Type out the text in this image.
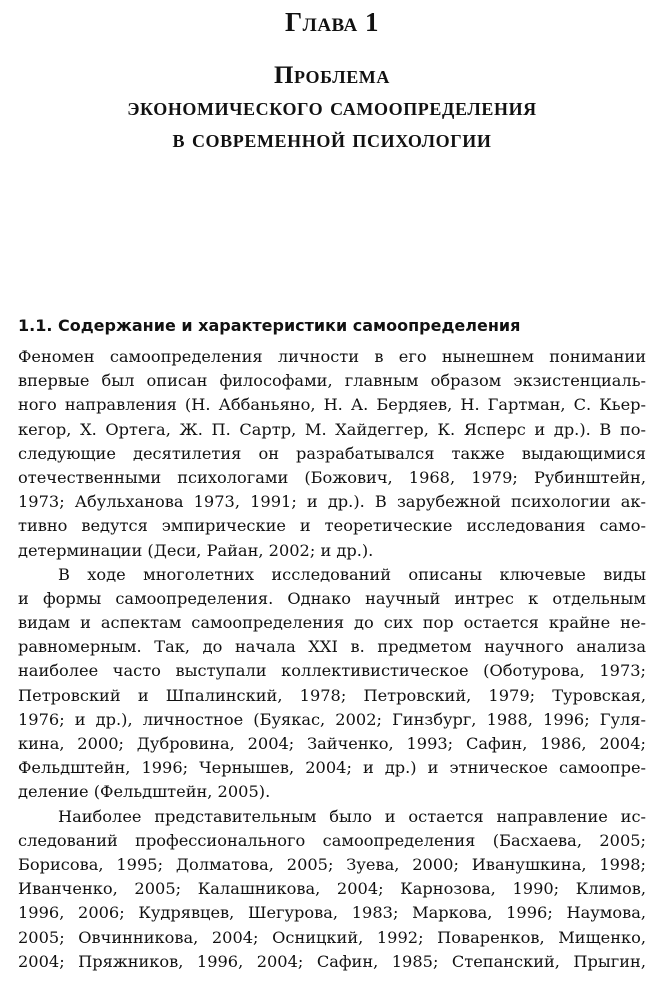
Глава 1
Проблема
экономического самоопределения
в современной психологии
1.1. Содержание и характеристики самоопределения
Феномен самоопределения личности в его нынешнем понимании
впервые был описан философами, главным образом экзистенциаль-
ного направления (Н. Аббаньяно, Н. А. Бердяев, Н. Гартман, С. Кьер-
кегор, Х. Ортега, Ж. П. Сартр, М. Хайдеггер, К. Ясперс и др.). В по-
следующие десятилетия он разрабатывался также выдающимися
отечественными психологами (Божович, 1968, 1979; Рубинштейн,
1973; Абульханова 1973, 1991; и др.). В зарубежной психологии ак-
тивно ведутся эмпирические и теоретические исследования само-
детерминации (Деси, Райан, 2002; и др.).
В ходе многолетних исследований описаны ключевые виды
и формы самоопределения. Однако научный интрес к отдельным
видам и аспектам самоопределения до сих пор остается крайне не-
равномерным. Так, до начала XXI в. предметом научного анализа
наиболее часто выступали коллективистическое (Оботурова, 1973;
Петровский и Шпалинский, 1978; Петровский, 1979; Туровская,
1976; и др.), личностное (Буякас, 2002; Гинзбург, 1988, 1996; Гуля-
кина, 2000; Дубровина, 2004; Зайченко, 1993; Сафин, 1986, 2004;
Фельдштейн, 1996; Чернышев, 2004; и др.) и этническое самоопре-
деление (Фельдштейн, 2005).
Наиболее представительным было и остается направление ис-
следований профессионального самоопределения (Басхаева, 2005;
Борисова, 1995; Долматова, 2005; Зуева, 2000; Иванушкина, 1998;
Иванченко, 2005; Калашникова, 2004; Карнозова, 1990; Климов,
1996, 2006; Кудрявцев, Шегурова, 1983; Маркова, 1996; Наумова,
2005; Овчинникова, 2004; Осницкий, 1992; Поваренков, Мищенко,
2004; Пряжников, 1996, 2004; Сафин, 1985; Степанский, Прыгин,
